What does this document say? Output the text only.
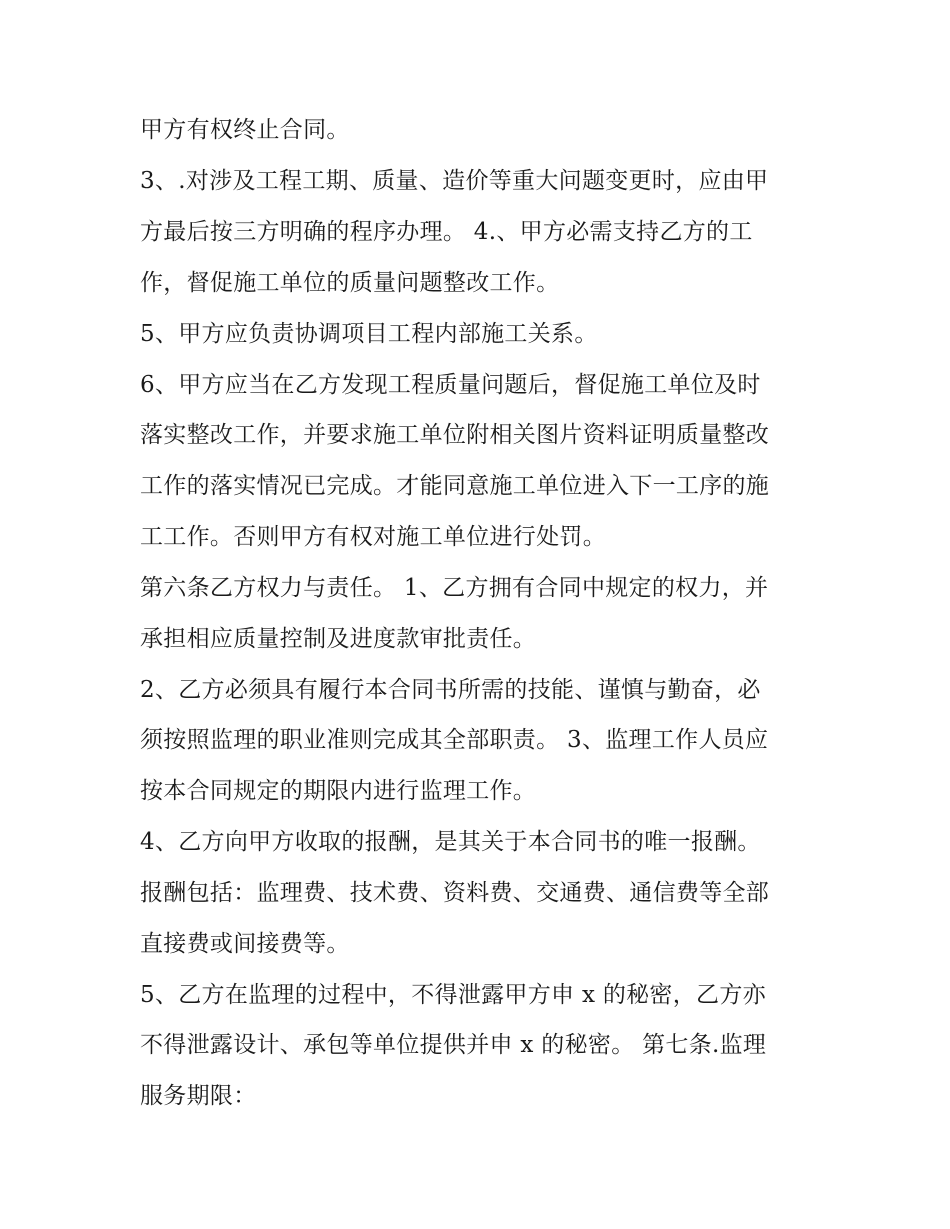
甲方有权终止合同。

3、.对涉及工程工期、质量、造价等重大问题变更时，应由甲

方最后按三方明确的程序办理。 4.、甲方必需支持乙方的工

作，督促施工单位的质量问题整改工作。

5、甲方应负责协调项目工程内部施工关系。

6、甲方应当在乙方发现工程质量问题后，督促施工单位及时

落实整改工作，并要求施工单位附相关图片资料证明质量整改

工作的落实情况已完成。才能同意施工单位进入下一工序的施

工工作。否则甲方有权对施工单位进行处罚。

第六条乙方权力与责任。 1、乙方拥有合同中规定的权力，并

承担相应质量控制及进度款审批责任。

2、乙方必须具有履行本合同书所需的技能、谨慎与勤奋，必

须按照监理的职业准则完成其全部职责。 3、监理工作人员应

按本合同规定的期限内进行监理工作。

4、乙方向甲方收取的报酬，是其关于本合同书的唯一报酬。

报酬包括：监理费、技术费、资料费、交通费、通信费等全部

直接费或间接费等。

5、乙方在监理的过程中，不得泄露甲方申 x 的秘密，乙方亦

不得泄露设计、承包等单位提供并申 x 的秘密。 第七条.监理

服务期限：
